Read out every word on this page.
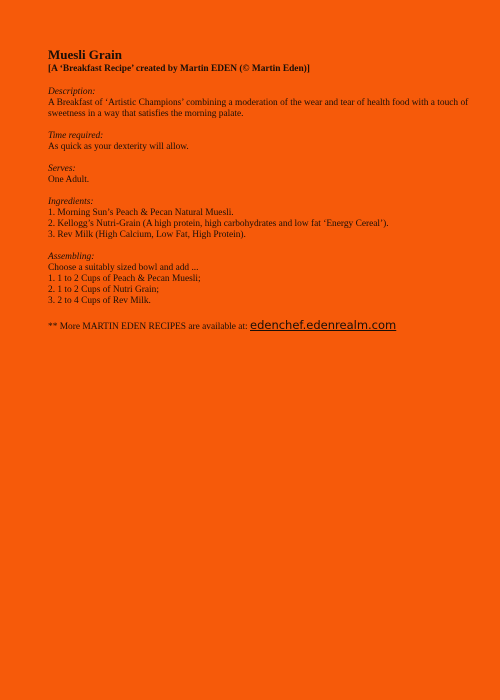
Muesli Grain

[A ‘Breakfast Recipe’ created by Martin EDEN (© Martin Eden)]

Description:

A Breakfast of ‘Artistic Champions’ combining a moderation of the wear and tear of health food with a touch of sweetness in a way that satisfies the morning palate.

Time required:

As quick as your dexterity will allow.

Serves:

One Adult.

Ingredients:

1. Morning Sun’s Peach & Pecan Natural Muesli.

2. Kellogg’s Nutri-Grain (A high protein, high carbohydrates and low fat ‘Energy Cereal’).

3. Rev Milk (High Calcium, Low Fat, High Protein).

Assembling:

Choose a suitably sized bowl and add ...

1. 1 to 2 Cups of Peach & Pecan Muesli;

2. 1 to 2 Cups of Nutri Grain;

3. 2 to 4 Cups of Rev Milk.

** More MARTIN EDEN RECIPES are available at: edenchef.edenrealm.com
